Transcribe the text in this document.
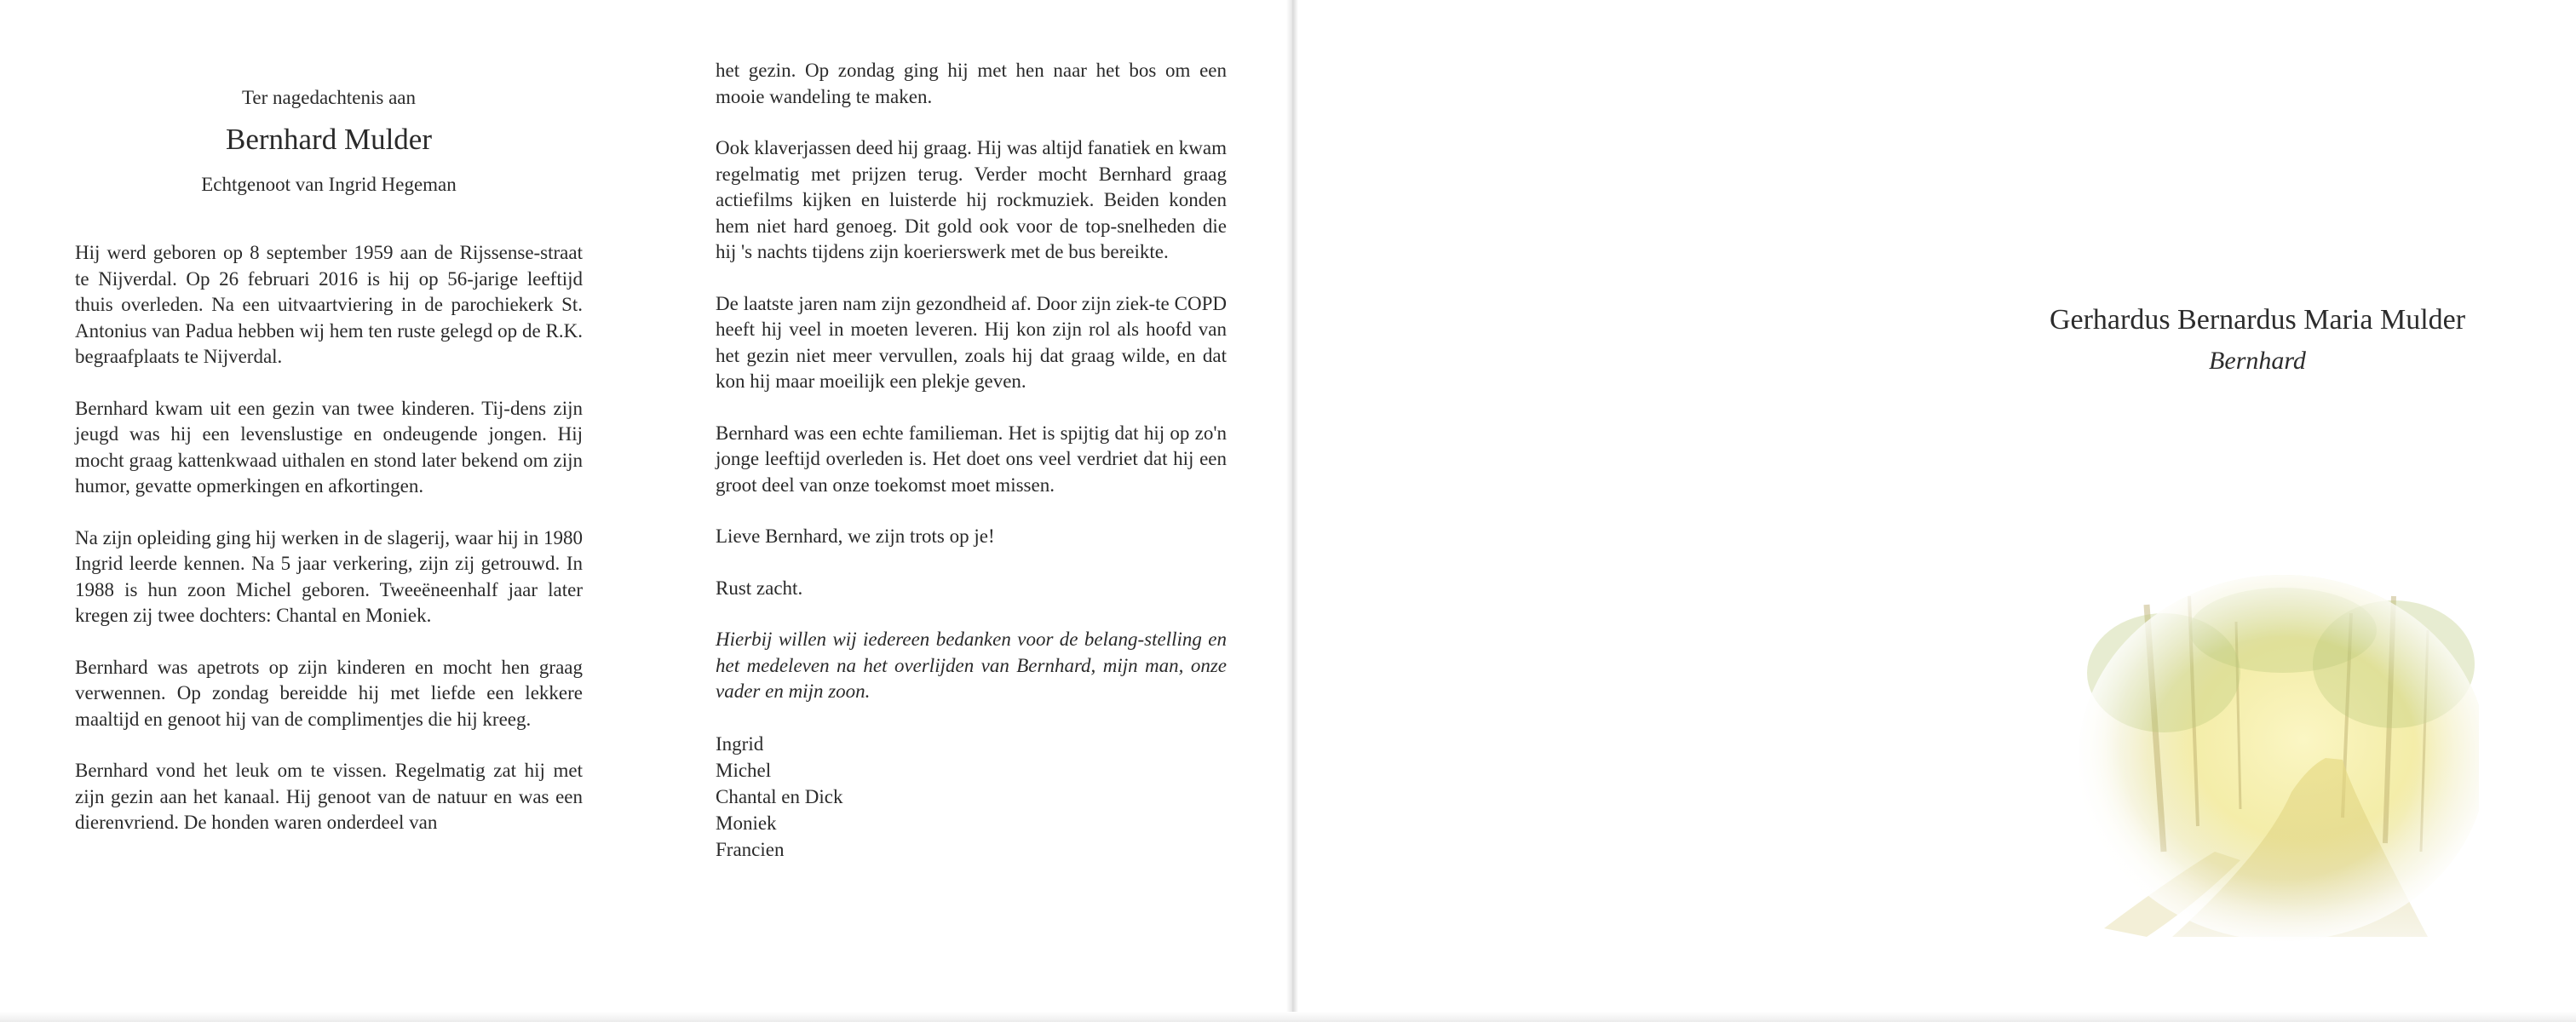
Ter nagedachtenis aan
Bernhard Mulder
Echtgenoot van Ingrid Hegeman

Hij werd geboren op 8 september 1959 aan de Rijssense-straat te Nijverdal. Op 26 februari 2016 is hij op 56-jarige leeftijd thuis overleden. Na een uitvaartviering in de parochiekerk St. Antonius van Padua hebben wij hem ten ruste gelegd op de R.K. begraafplaats te Nijverdal.

Bernhard kwam uit een gezin van twee kinderen. Tij-dens zijn jeugd was hij een levenslustige en ondeugende jongen. Hij mocht graag kattenkwaad uithalen en stond later bekend om zijn humor, gevatte opmerkingen en afkortingen.

Na zijn opleiding ging hij werken in de slagerij, waar hij in 1980 Ingrid leerde kennen. Na 5 jaar verkering, zijn zij getrouwd. In 1988 is hun zoon Michel geboren. Tweeëneenhalf jaar later kregen zij twee dochters: Chantal en Moniek.

Bernhard was apetrots op zijn kinderen en mocht hen graag verwennen. Op zondag bereidde hij met liefde een lekkere maaltijd en genoot hij van de complimentjes die hij kreeg.

Bernhard vond het leuk om te vissen. Regelmatig zat hij met zijn gezin aan het kanaal. Hij genoot van de natuur en was een dierenvriend. De honden waren onderdeel van

het gezin. Op zondag ging hij met hen naar het bos om een mooie wandeling te maken.

Ook klaverjassen deed hij graag. Hij was altijd fanatiek en kwam regelmatig met prijzen terug. Verder mocht Bernhard graag actiefilms kijken en luisterde hij rockmuziek. Beiden konden hem niet hard genoeg. Dit gold ook voor de top-snelheden die hij 's nachts tijdens zijn koerierswerk met de bus bereikte.

De laatste jaren nam zijn gezondheid af. Door zijn ziek-te COPD heeft hij veel in moeten leveren. Hij kon zijn rol als hoofd van het gezin niet meer vervullen, zoals hij dat graag wilde, en dat kon hij maar moeilijk een plekje geven.

Bernhard was een echte familieman. Het is spijtig dat hij op zo'n jonge leeftijd overleden is. Het doet ons veel verdriet dat hij een groot deel van onze toekomst moet missen.

Lieve Bernhard, we zijn trots op je!

Rust zacht.

Hierbij willen wij iedereen bedanken voor de belang-stelling en het medeleven na het overlijden van Bernhard, mijn man, onze vader en mijn zoon.

Ingrid
Michel
Chantal en Dick
Moniek
Francien
Gerhardus Bernardus Maria Mulder
Bernhard
